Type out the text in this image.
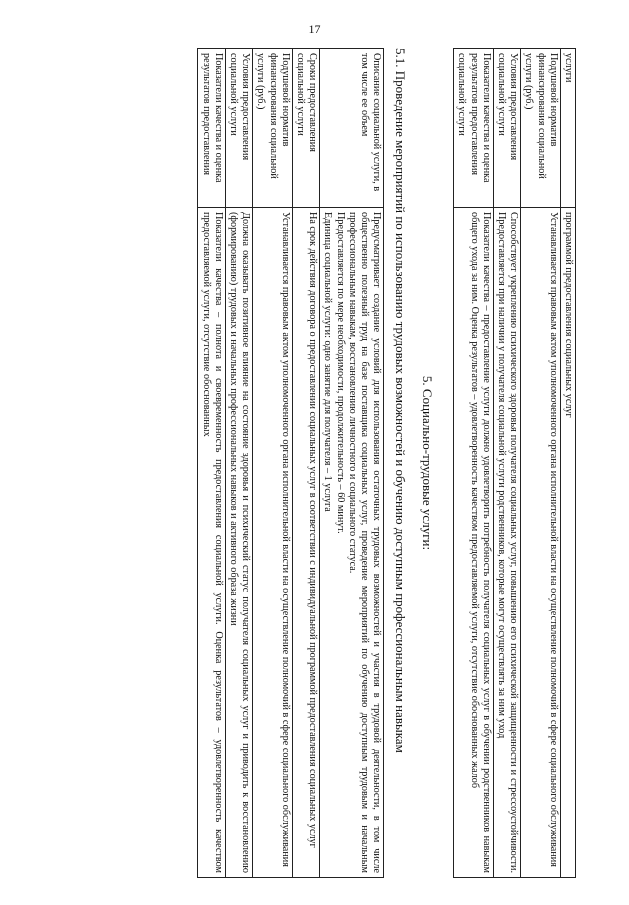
17
услуги	программой предоставления социальных услуг

Подушевой норматив финансирования социальной услуги (руб.)	Устанавливается правовым актом уполномоченного органа исполнительной власти на осуществление полномочий в сфере социального обслуживания

Условия предоставления социальной услуги	Способствует укреплению психического здоровья получателя социальных услуг, повышению его психической защищенности и стрессоустойчивости. Предоставляется при наличии у получателя социальной услуги родственников, которые могут осуществлять за ним уход

Показатели качества и оценка результатов предоставления социальной услуги	Показатели качества – предоставление услуги должно удовлетворить потребность получателя социальных услуг в обучении родственников навыкам общего ухода за ним. Оценка результатов – удовлетворенность качеством предоставляемой услуги, отсутствие обоснованных жалоб
5. Социально-трудовые услуги:
5.1. Проведение мероприятий по использованию трудовых возможностей и обучению доступным профессиональным навыкам
Описание социальной услуги, в том числе ее объем	Предусматривает создание условий для использования остаточных трудовых возможностей и участия в трудовой деятельности, в том числе общественно полезный труд на базе поставщика социальных услуг, проведение мероприятий по обучению доступным трудовым и начальным профессиональным навыкам, восстановлению личностного и социального статуса.
Предоставляется по мере необходимости, продолжительность – 60 минут.
Единица социальной услуги: одно занятие для получателя – 1 услуга

Сроки предоставления социальной услуги	На срок действия договора о предоставлении социальных услуг в соответствии с индивидуальной программой предоставления социальных услуг

Подушевой норматив финансирования социальной услуги (руб.)	Устанавливается правовым актом уполномоченного органа исполнительной власти на осуществление полномочий в сфере социального обслуживания

Условия предоставления социальной услуги	Должна оказывать позитивное влияние на состояние здоровья и психический статус получателя социальных услуг и приводить к восстановлению (формированию) трудовых и начальных профессиональных навыков и активного образа жизни

Показатели качества и оценка результатов предоставления	Показатели качества – полнота и своевременность предоставления социальной услуги. Оценка результатов – удовлетворенность качеством предоставляемой услуги, отсутствие обоснованных
